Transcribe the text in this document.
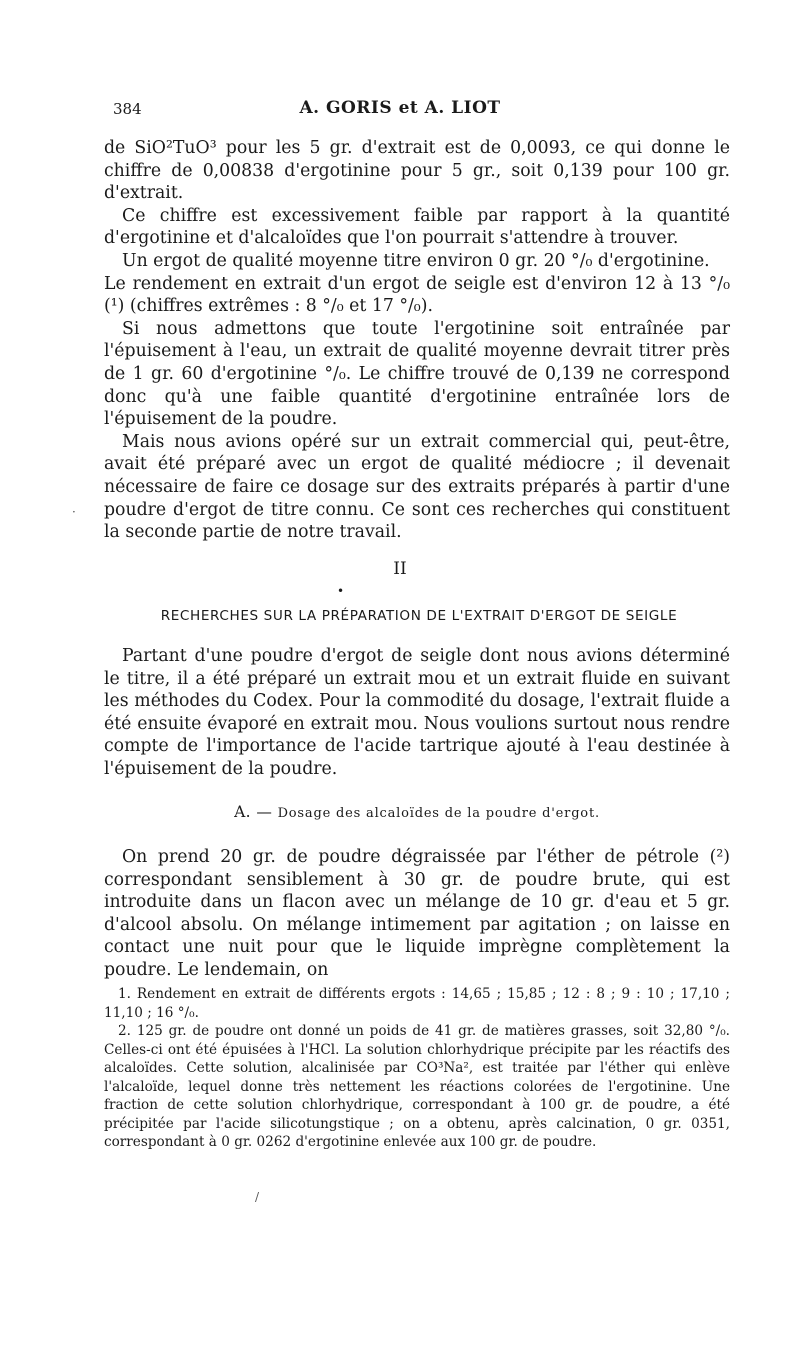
384	A. GORIS et A. LIOT

de SiO²TuO³ pour les 5 gr. d'extrait est de 0,0093, ce qui donne le chiffre de 0,00838 d'ergotinine pour 5 gr., soit 0,139 pour 100 gr. d'extrait.

Ce chiffre est excessivement faible par rapport à la quantité d'ergotinine et d'alcaloïdes que l'on pourrait s'attendre à trouver.

Un ergot de qualité moyenne titre environ 0 gr. 20 °/₀ d'ergotinine.

Le rendement en extrait d'un ergot de seigle est d'environ 12 à 13 °/₀ (¹) (chiffres extrêmes : 8 °/₀ et 17 °/₀).

Si nous admettons que toute l'ergotinine soit entraînée par l'épuisement à l'eau, un extrait de qualité moyenne devrait titrer près de 1 gr. 60 d'ergotinine °/₀. Le chiffre trouvé de 0,139 ne correspond donc qu'à une faible quantité d'ergotinine entraînée lors de l'épuisement de la poudre.

Mais nous avions opéré sur un extrait commercial qui, peut-être, avait été préparé avec un ergot de qualité médiocre ; il devenait nécessaire de faire ce dosage sur des extraits préparés à partir d'une poudre d'ergot de titre connu. Ce sont ces recherches qui constituent la seconde partie de notre travail.

II
•
RECHERCHES SUR LA PRÉPARATION DE L'EXTRAIT D'ERGOT DE SEIGLE

Partant d'une poudre d'ergot de seigle dont nous avions déterminé le titre, il a été préparé un extrait mou et un extrait fluide en suivant les méthodes du Codex. Pour la commodité du dosage, l'extrait fluide a été ensuite évaporé en extrait mou. Nous voulions surtout nous rendre compte de l'importance de l'acide tartrique ajouté à l'eau destinée à l'épuisement de la poudre.

A. — Dosage des alcaloïdes de la poudre d'ergot.

On prend 20 gr. de poudre dégraissée par l'éther de pétrole (²) correspondant sensiblement à 30 gr. de poudre brute, qui est introduite dans un flacon avec un mélange de 10 gr. d'eau et 5 gr. d'alcool absolu. On mélange intimement par agitation ; on laisse en contact une nuit pour que le liquide imprègne complètement la poudre. Le lendemain, on

1. Rendement en extrait de différents ergots : 14,65 ; 15,85 ; 12 : 8 ; 9 : 10 ; 17,10 ; 11,10 ; 16 °/₀.

2. 125 gr. de poudre ont donné un poids de 41 gr. de matières grasses, soit 32,80 °/₀. Celles-ci ont été épuisées à l'HCl. La solution chlorhydrique précipite par les réactifs des alcaloïdes. Cette solution, alcalinisée par CO³Na², est traitée par l'éther qui enlève l'alcaloïde, lequel donne très nettement les réactions colorées de l'ergotinine. Une fraction de cette solution chlorhydrique, correspondant à 100 gr. de poudre, a été précipitée par l'acide silicotungstique ; on a obtenu, après calcination, 0 gr. 0351, correspondant à 0 gr. 0262 d'ergotinine enlevée aux 100 gr. de poudre.

·
/
